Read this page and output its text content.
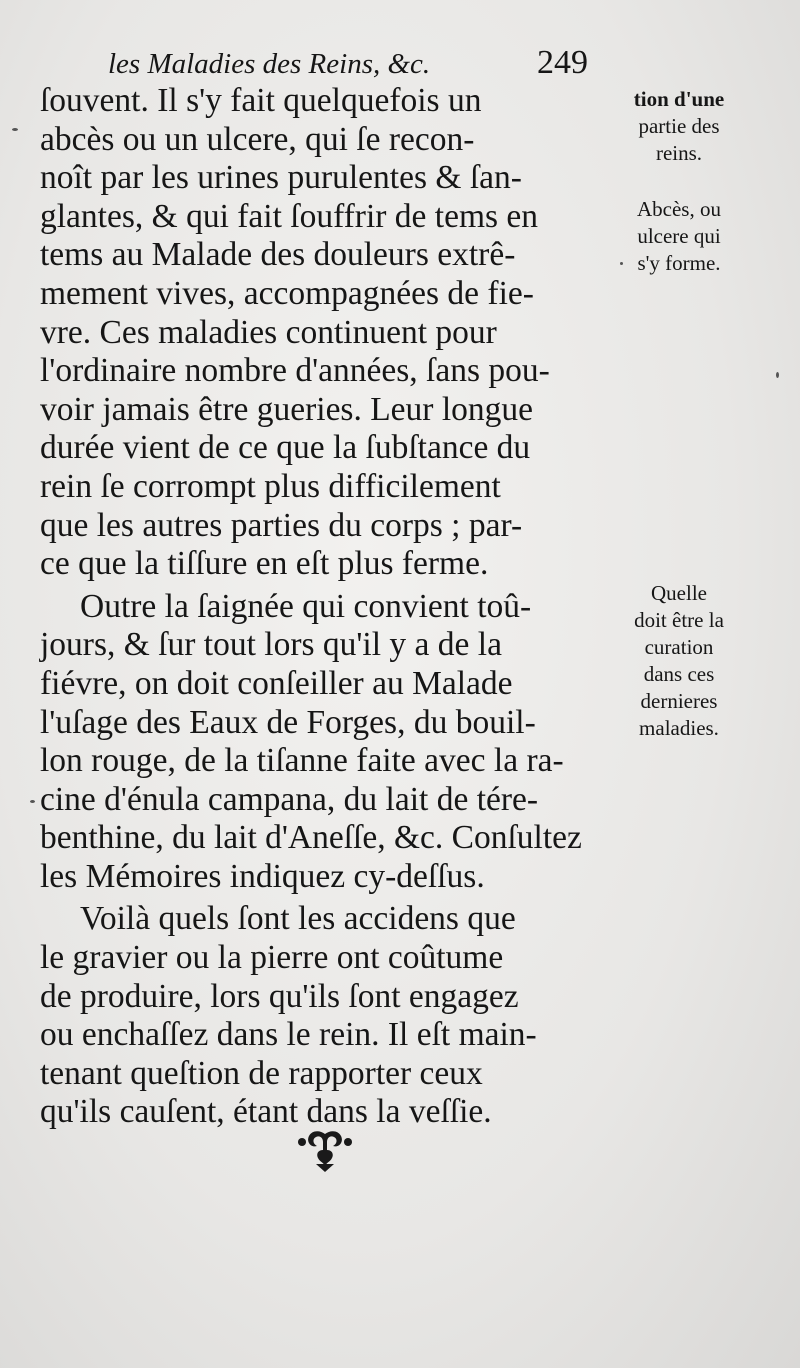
les Maladies des Reins, &c.	249
ſouvent. Il s'y fait quelquefois un
abcès ou un ulcere, qui ſe recon-
noît par les urines purulentes & ſan-
glantes, & qui fait ſouffrir de tems en
tems au Malade des douleurs extrê-
mement vives, accompagnées de fie-
vre. Ces maladies continuent pour
l'ordinaire nombre d'années, ſans pou-
voir jamais être gueries. Leur longue
durée vient de ce que la ſubſtance du
rein ſe corrompt plus difficilement
que les autres parties du corps ; par-
ce que la tiſſure en eſt plus ferme.
Outre la ſaignée qui convient toû-
jours, & ſur tout lors qu'il y a de la
fiévre, on doit conſeiller au Malade
l'uſage des Eaux de Forges, du bouil-
lon rouge, de la tiſanne faite avec la ra-
cine d'énula campana, du lait de tére-
benthine, du lait d'Aneſſe, &c. Conſultez
les Mémoires indiquez cy-deſſus.
Voilà quels ſont les accidens que
le gravier ou la pierre ont coûtume
de produire, lors qu'ils ſont engagez
ou enchaſſez dans le rein. Il eſt main-
tenant queſtion de rapporter ceux
qu'ils cauſent, étant dans la veſſie.
tion d'une
partie des
reins.
Abcès, ou
ulcere qui
s'y forme.
Quelle
doit être la
curation
dans ces
dernieres
maladies.
